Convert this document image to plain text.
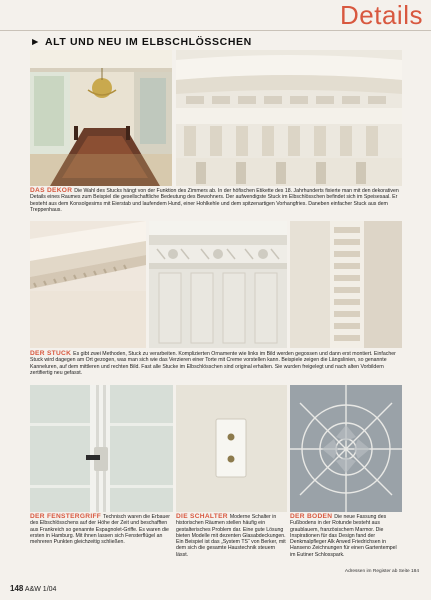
Details
► ALT UND NEU IM ELBSCHLÖSSCHEN
DAS DEKOR Die Wahl des Stucks hängt von der Funktion des Zimmers ab. In der höfischen Etikette des 18. Jahrhunderts fixierte man mit den dekorativen Details eines Raumes zum Beispiel die gesellschaftliche Bedeutung des Bewohners. Der aufwendigste Stuck im Elbschlösschen befindet sich im Speisesaal. Er besteht aus dem Konsolgesims mit Eierstab und laufendem Hund, einer Hohlkehle und dem spitzenartigen Vorhangfries. Daneben einfacher Stuck aus dem Treppenhaus.
DER STUCK Es gibt zwei Methoden, Stuck zu verarbeiten. Komplizierten Ornamente wie links im Bild werden gegossen und dann erst montiert. Einfacher Stuck wird dagegen am Ort gezogen, was man sich wie das Verzieren einer Torte mit Creme vorstellen kann. Beispiele zeigen die Längslinien, so genannte Kanneluren, auf dem mittleren und rechten Bild. Fast alle Stucke im Elbschlösschen sind original erhalten. Sie wurden freigelegt und nach alten Vorbildern zertifiertig neu gefasst.
DER FENSTERGRIFF Technisch waren die Erbauer des Elbschlösschens auf der Höhe der Zeit und beschafften aus Frankreich so genannte Espagnolet-Griffe. Es waren die ersten in Hamburg. Mit ihnen lassen sich Fensterflügel an mehreren Punkten gleichzeitig schließen.
DIE SCHALTER Moderne Schalter in historischen Räumen stellen häufig ein gestalterisches Problem dar. Eine gute Lösung bieten Modelle mit dezenten Glasabdeckungen. Ein Beispiel ist das „System TS“ von Berker, mit dem sich die gesamte Haustechnik steuern lässt.
DER BODEN Die neue Fassung des Fußbodens in der Rotunde besteht aus graublauem, französischem Marmor. Die Inspirationen für das Design fand der Denkmalpfleger Alk Arwed Friedrichsen in Hanseno Zeichnungen für einen Gartentempel im Eutiner Schlosspark.
Adressen im Register ab Seite 184
148 A&W 1/04
